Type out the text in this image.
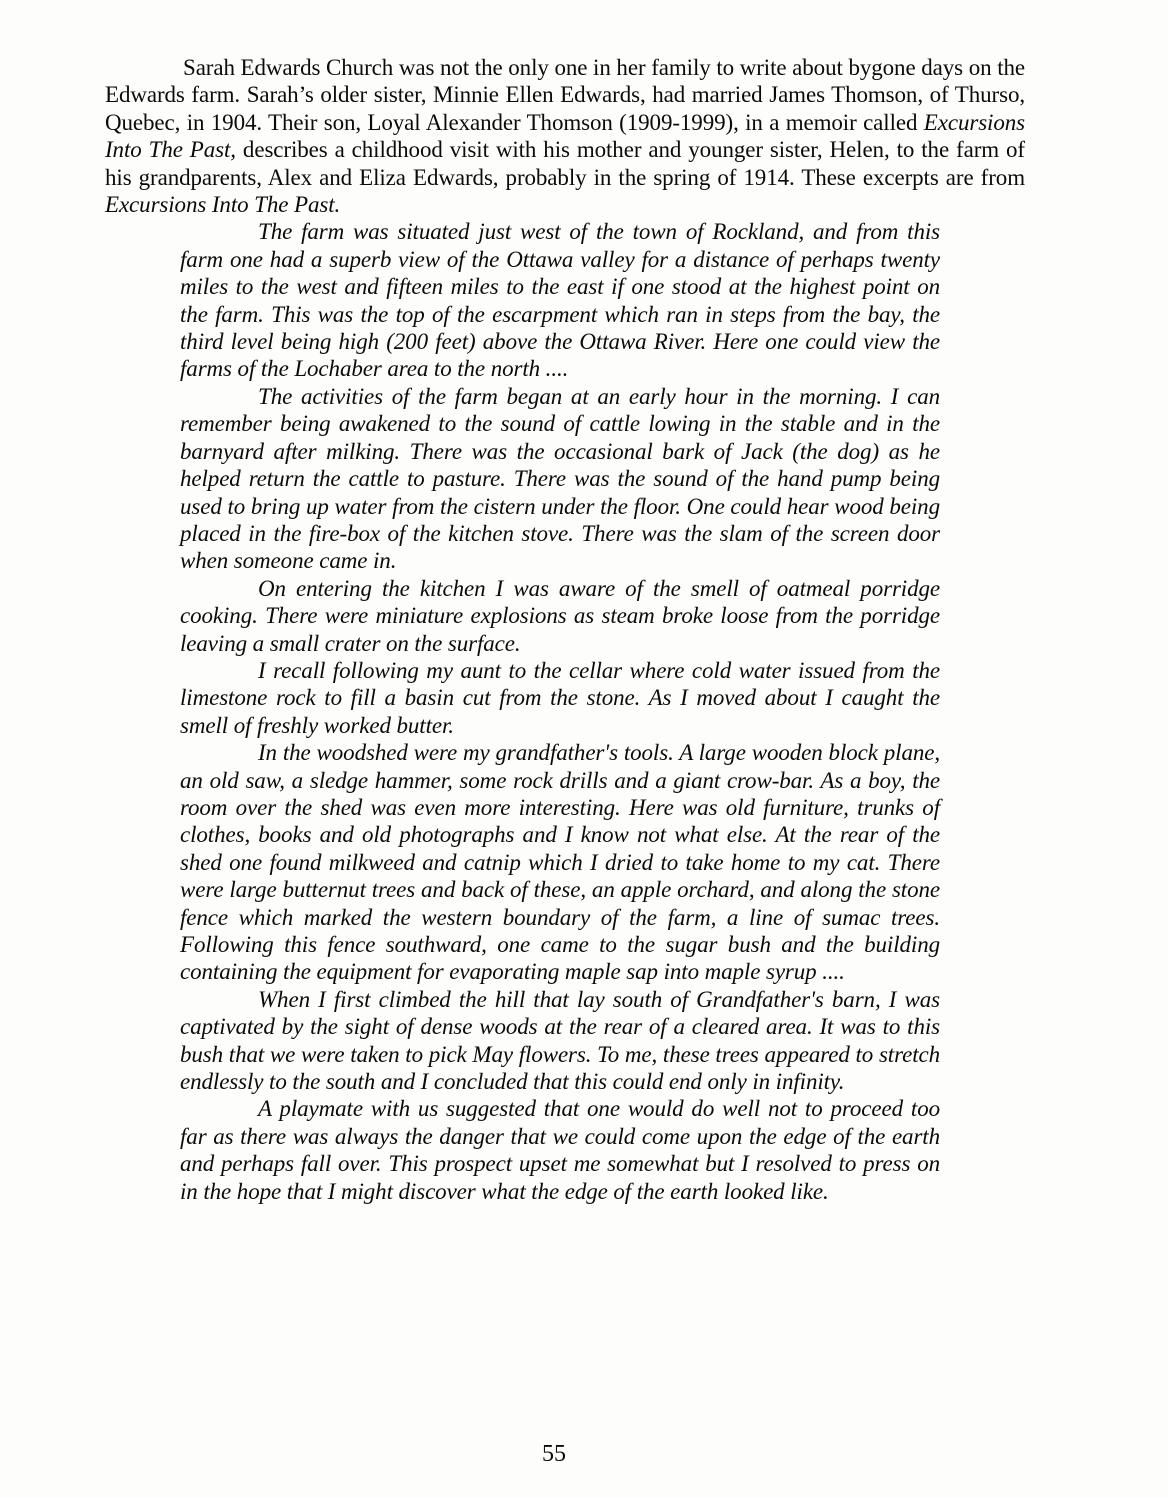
Sarah Edwards Church was not the only one in her family to write about bygone days on the Edwards farm. Sarah’s older sister, Minnie Ellen Edwards, had married James Thomson, of Thurso, Quebec, in 1904. Their son, Loyal Alexander Thomson (1909-1999), in a memoir called Excursions Into The Past, describes a childhood visit with his mother and younger sister, Helen, to the farm of his grandparents, Alex and Eliza Edwards, probably in the spring of 1914. These excerpts are from Excursions Into The Past.

The farm was situated just west of the town of Rockland, and from this farm one had a superb view of the Ottawa valley for a distance of perhaps twenty miles to the west and fifteen miles to the east if one stood at the highest point on the farm. This was the top of the escarpment which ran in steps from the bay, the third level being high (200 feet) above the Ottawa River. Here one could view the farms of the Lochaber area to the north ....

The activities of the farm began at an early hour in the morning. I can remember being awakened to the sound of cattle lowing in the stable and in the barnyard after milking. There was the occasional bark of Jack (the dog) as he helped return the cattle to pasture. There was the sound of the hand pump being used to bring up water from the cistern under the floor. One could hear wood being placed in the fire-box of the kitchen stove. There was the slam of the screen door when someone came in.

On entering the kitchen I was aware of the smell of oatmeal porridge cooking. There were miniature explosions as steam broke loose from the porridge leaving a small crater on the surface.

I recall following my aunt to the cellar where cold water issued from the limestone rock to fill a basin cut from the stone. As I moved about I caught the smell of freshly worked butter.

In the woodshed were my grandfather's tools. A large wooden block plane, an old saw, a sledge hammer, some rock drills and a giant crow-bar. As a boy, the room over the shed was even more interesting. Here was old furniture, trunks of clothes, books and old photographs and I know not what else. At the rear of the shed one found milkweed and catnip which I dried to take home to my cat. There were large butternut trees and back of these, an apple orchard, and along the stone fence which marked the western boundary of the farm, a line of sumac trees. Following this fence southward, one came to the sugar bush and the building containing the equipment for evaporating maple sap into maple syrup ....

When I first climbed the hill that lay south of Grandfather's barn, I was captivated by the sight of dense woods at the rear of a cleared area. It was to this bush that we were taken to pick May flowers. To me, these trees appeared to stretch endlessly to the south and I concluded that this could end only in infinity.

A playmate with us suggested that one would do well not to proceed too far as there was always the danger that we could come upon the edge of the earth and perhaps fall over. This prospect upset me somewhat but I resolved to press on in the hope that I might discover what the edge of the earth looked like.

55
